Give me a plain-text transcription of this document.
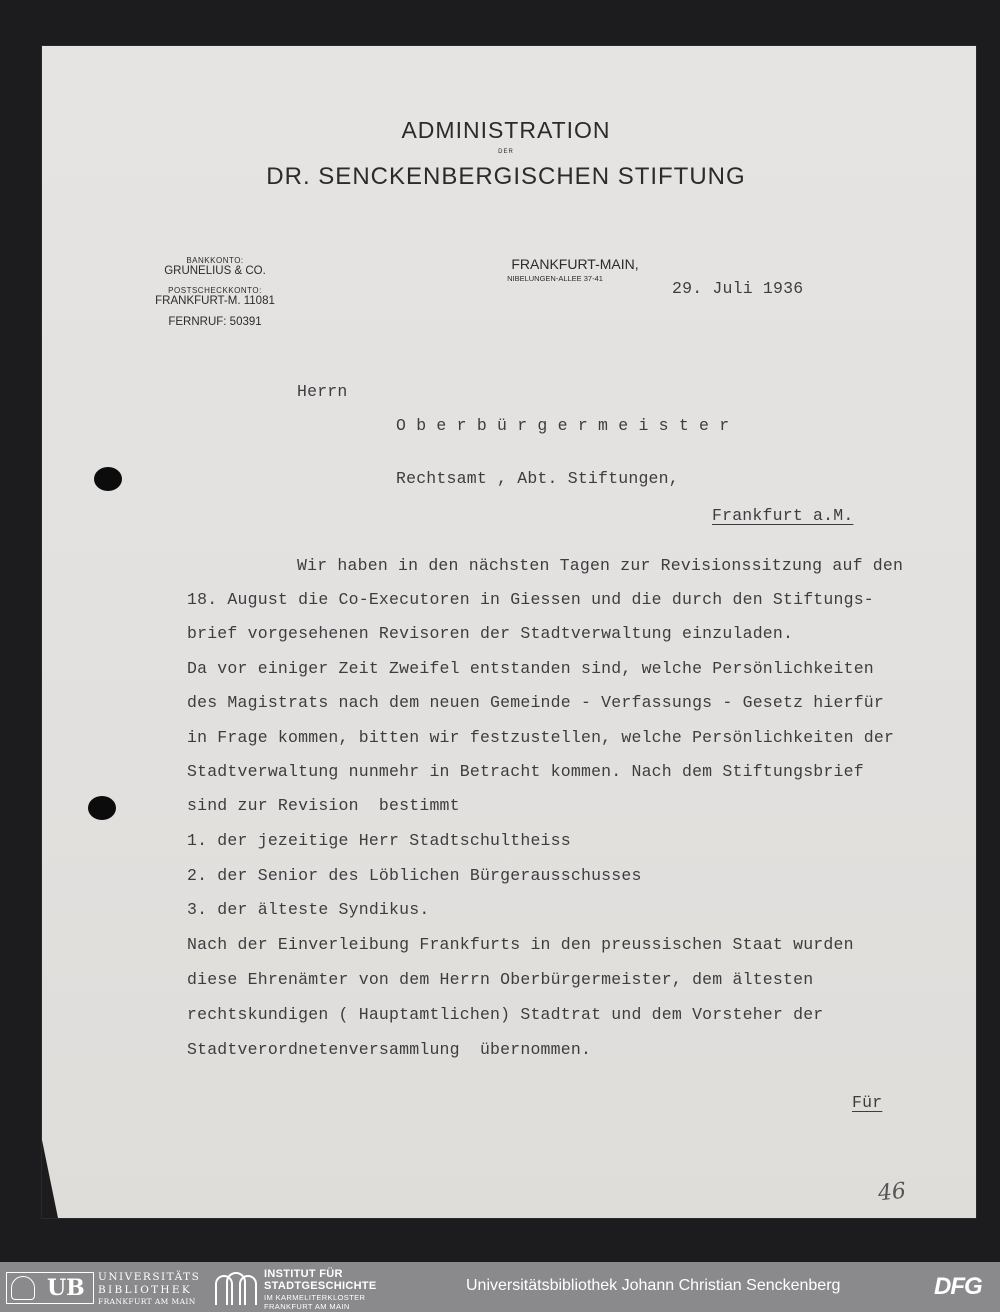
ADMINISTRATION
DER
DR. SENCKENBERGISCHEN STIFTUNG
BANKKONTO:
GRUNELIUS & CO.
POSTSCHECKKONTO:
FRANKFURT-M. 11081
FERNRUF: 50391
FRANKFURT-MAIN,
NIBELUNGEN-ALLEE 37-41
29. Juli 1936
Herrn
O b e r b ü r g e r m e i s t e r
Rechtsamt , Abt. Stiftungen,
Frankfurt a.M.
Wir haben in den nächsten Tagen zur Revisionssitzung auf den
18. August die Co-Executoren in Giessen und die durch den Stiftungs-
brief vorgesehenen Revisoren der Stadtverwaltung einzuladen.
Da vor einiger Zeit Zweifel entstanden sind, welche Persönlichkeiten
des Magistrats nach dem neuen Gemeinde - Verfassungs - Gesetz hierfür
in Frage kommen, bitten wir festzustellen, welche Persönlichkeiten der
Stadtverwaltung nunmehr in Betracht kommen. Nach dem Stiftungsbrief
sind zur Revision  bestimmt
1. der jezeitige Herr Stadtschultheiss
2. der Senior des Löblichen Bürgerausschusses
3. der älteste Syndikus.
Nach der Einverleibung Frankfurts in den preussischen Staat wurden
diese Ehrenämter von dem Herrn Oberbürgermeister, dem ältesten
rechtskundigen ( Hauptamtlichen) Stadtrat und dem Vorsteher der
Stadtverordnetenversammlung  übernommen.
Für
46
UB UNIVERSITÄTS
BIBLIOTHEK
FRANKFURT AM MAIN
INSTITUT FÜR
STADTGESCHICHTE
IM KARMELITERKLOSTER
FRANKFURT AM MAIN
Universitätsbibliothek Johann Christian Senckenberg	DFG
